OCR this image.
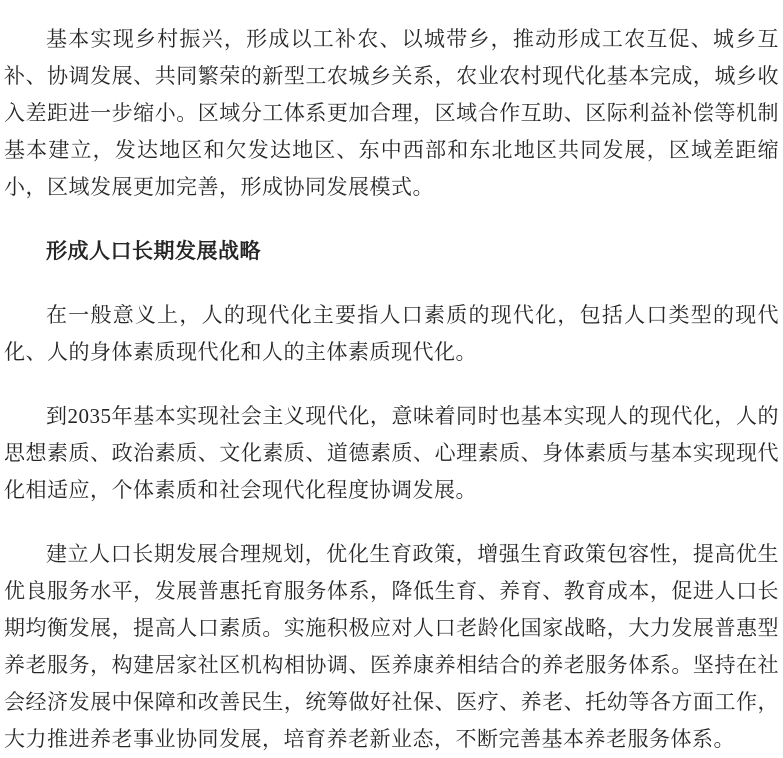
基本实现乡村振兴，形成以工补农、以城带乡，推动形成工农互促、城乡互补、协调发展、共同繁荣的新型工农城乡关系，农业农村现代化基本完成，城乡收入差距进一步缩小。区域分工体系更加合理，区域合作互助、区际利益补偿等机制基本建立，发达地区和欠发达地区、东中西部和东北地区共同发展，区域差距缩小，区域发展更加完善，形成协同发展模式。

形成人口长期发展战略

在一般意义上，人的现代化主要指人口素质的现代化，包括人口类型的现代化、人的身体素质现代化和人的主体素质现代化。

到2035年基本实现社会主义现代化，意味着同时也基本实现人的现代化，人的思想素质、政治素质、文化素质、道德素质、心理素质、身体素质与基本实现现代化相适应，个体素质和社会现代化程度协调发展。

建立人口长期发展合理规划，优化生育政策，增强生育政策包容性，提高优生优良服务水平，发展普惠托育服务体系，降低生育、养育、教育成本，促进人口长期均衡发展，提高人口素质。实施积极应对人口老龄化国家战略，大力发展普惠型养老服务，构建居家社区机构相协调、医养康养相结合的养老服务体系。坚持在社会经济发展中保障和改善民生，统筹做好社保、医疗、养老、托幼等各方面工作，大力推进养老事业协同发展，培育养老新业态，不断完善基本养老服务体系。
